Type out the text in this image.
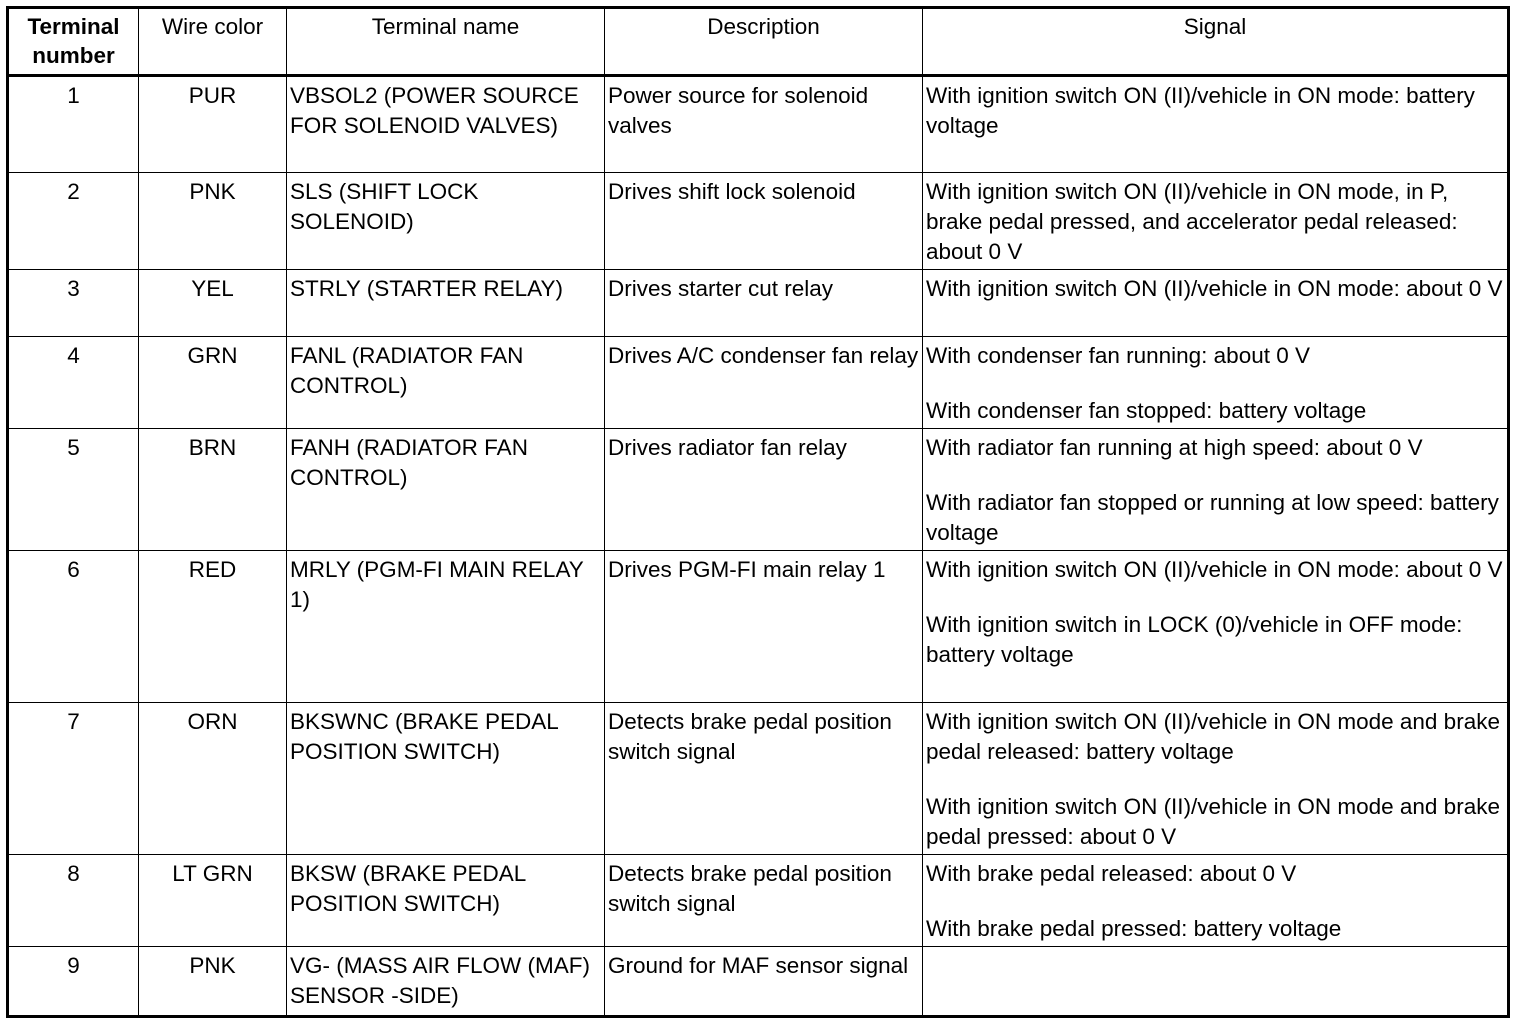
Terminal
number	Wire color	Terminal name	Description	Signal
1	PUR	VBSOL2 (POWER SOURCE FOR SOLENOID VALVES)	Power source for solenoid valves	With ignition switch ON (II)/vehicle in ON mode: battery voltage

2	PNK	SLS (SHIFT LOCK SOLENOID)	Drives shift lock solenoid	With ignition switch ON (II)/vehicle in ON mode, in P, brake pedal pressed, and accelerator pedal released: about 0 V

3	YEL	STRLY (STARTER RELAY)	Drives starter cut relay	With ignition switch ON (II)/vehicle in ON mode: about 0 V

4	GRN	FANL (RADIATOR FAN CONTROL)	Drives A/C condenser fan relay	With condenser fan running: about 0 V
With condenser fan stopped: battery voltage

5	BRN	FANH (RADIATOR FAN CONTROL)	Drives radiator fan relay	With radiator fan running at high speed: about 0 V
With radiator fan stopped or running at low speed: battery voltage

6	RED	MRLY (PGM-FI MAIN RELAY 1)	Drives PGM-FI main relay 1	With ignition switch ON (II)/vehicle in ON mode: about 0 V
With ignition switch in LOCK (0)/vehicle in OFF mode: battery voltage

7	ORN	BKSWNC (BRAKE PEDAL POSITION SWITCH)	Detects brake pedal position switch signal	With ignition switch ON (II)/vehicle in ON mode and brake pedal released: battery voltage
With ignition switch ON (II)/vehicle in ON mode and brake pedal pressed: about 0 V

8	LT GRN	BKSW (BRAKE PEDAL POSITION SWITCH)	Detects brake pedal position switch signal	With brake pedal released: about 0 V
With brake pedal pressed: battery voltage

9	PNK	VG- (MASS AIR FLOW (MAF) SENSOR -SIDE)	Ground for MAF sensor signal	
